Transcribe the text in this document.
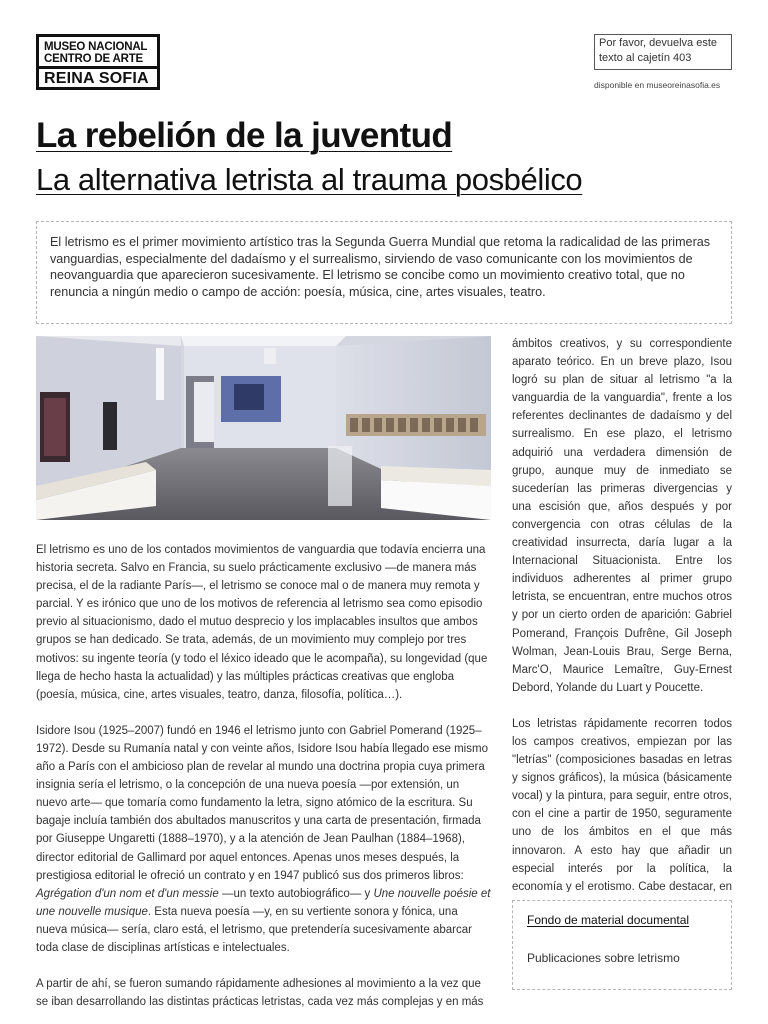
MUSEO NACIONAL
CENTRO DE ARTE
REINA SOFIA
Por favor, devuelva este
texto al cajetín 403
disponible en museoreinasofia.es
La rebelión de la juventud
La alternativa letrista al trauma posbélico
El letrismo es el primer movimiento artístico tras la Segunda Guerra Mundial que retoma la radicalidad de las primeras vanguardias, especialmente del dadaísmo y el surrealismo, sirviendo de vaso comunicante con los movimientos de neovanguardia que aparecieron sucesivamente. El letrismo se concibe como un movimiento creativo total, que no renuncia a ningún medio o campo de acción: poesía, música, cine, artes visuales, teatro.

El letrismo es uno de los contados movimientos de vanguardia que todavía encierra una historia secreta. Salvo en Francia, su suelo prácticamente exclusivo —de manera más precisa, el de la radiante París—, el letrismo se conoce mal o de manera muy remota y parcial. Y es irónico que uno de los motivos de referencia al letrismo sea como episodio previo al situacionismo, dado el mutuo desprecio y los implacables insultos que ambos grupos se han dedicado. Se trata, además, de un movimiento muy complejo por tres motivos: su ingente teoría (y todo el léxico ideado que le acompaña), su longevidad (que llega de hecho hasta la actualidad) y las múltiples prácticas creativas que engloba (poesía, música, cine, artes visuales, teatro, danza, filosofía, política…).

Isidore Isou (1925–2007) fundó en 1946 el letrismo junto con Gabriel Pomerand (1925–1972). Desde su Rumanía natal y con veinte años, Isidore Isou había llegado ese mismo año a París con el ambicioso plan de revelar al mundo una doctrina propia cuya primera insignia sería el letrismo, o la concepción de una nueva poesía —por extensión, un nuevo arte— que tomaría como fundamento la letra, signo atómico de la escritura. Su bagaje incluía también dos abultados manuscritos y una carta de presentación, firmada por Giuseppe Ungaretti (1888–1970), y a la atención de Jean Paulhan (1884–1968), director editorial de Gallimard por aquel entonces. Apenas unos meses después, la prestigiosa editorial le ofreció un contrato y en 1947 publicó sus dos primeros libros: Agrégation d'un nom et d'un messie —un texto autobiográfico— y Une nouvelle poésie et une nouvelle musique. Esta nueva poesía —y, en su vertiente sonora y fónica, una nueva música— sería, claro está, el letrismo, que pretendería sucesivamente abarcar toda clase de disciplinas artísticas e intelectuales.

A partir de ahí, se fueron sumando rápidamente adhesiones al movimiento a la vez que se iban desarrollando las distintas prácticas letristas, cada vez más complejas y en más

ámbitos creativos, y su correspondiente aparato teórico. En un breve plazo, Isou logró su plan de situar al letrismo "a la vanguardia de la vanguardia", frente a los referentes declinantes de dadaísmo y del surrealismo. En ese plazo, el letrismo adquirió una verdadera dimensión de grupo, aunque muy de inmediato se sucederían las primeras divergencias y una escisión que, años después y por convergencia con otras células de la creatividad insurrecta, daría lugar a la Internacional Situacionista. Entre los individuos adherentes al primer grupo letrista, se encuentran, entre muchos otros y por un cierto orden de aparición: Gabriel Pomerand, François Dufrêne, Gil Joseph Wolman, Jean-Louis Brau, Serge Berna, Marc'O, Maurice Lemaître, Guy-Ernest Debord, Yolande du Luart y Poucette.

Los letristas rápidamente recorren todos los campos creativos, empiezan por las "letrías" (composiciones basadas en letras y signos gráficos), la música (básicamente vocal) y la pintura, para seguir, entre otros, con el cine a partir de 1950, seguramente uno de los ámbitos en el que más innovaron. A esto hay que añadir un especial interés por la política, la economía y el erotismo. Cabe destacar, en

Fondo de material documental
Publicaciones sobre letrismo
